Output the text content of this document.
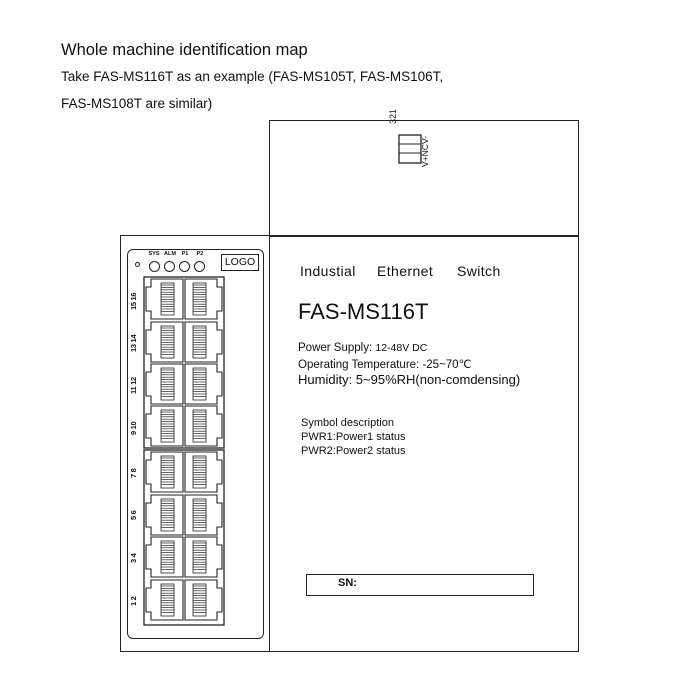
Whole machine identification map
Take FAS-MS116T as an example (FAS-MS105T, FAS-MS106T,
FAS-MS108T are similar)
V+NCV-
321
SYS ALM	P1	P2
LOGO
15 16
13 14
11 12
9 10
7 8
5 6
3 4
1 2
Industial Ethernet Switch
FAS-MS116T
Power Supply: 12-48V DC
Operating Temperature: -25~70℃
Humidity: 5~95%RH(non-comdensing)
Symbol description
PWR1:Power1 status
PWR2:Power2 status
SN:
